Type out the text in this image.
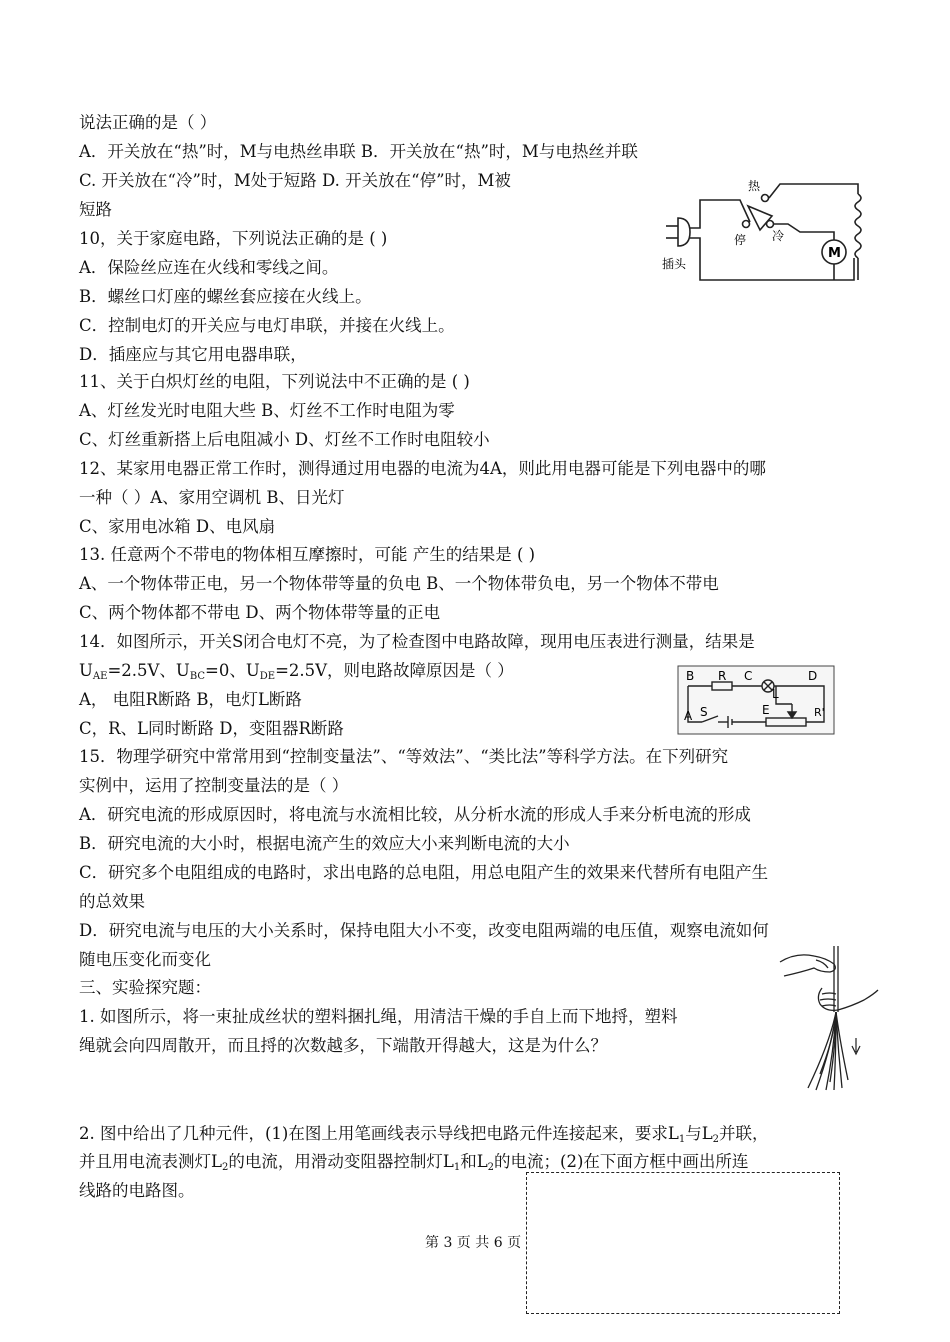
说法正确的是（ ）
A．开关放在“热”时，M与电热丝串联 B．开关放在“热”时，M与电热丝并联
C. 开关放在“冷”时，M处于短路 D. 开关放在“停”时，M被
短路
10，关于家庭电路，下列说法正确的是 ( )
A．保险丝应连在火线和零线之间。
B．螺丝口灯座的螺丝套应接在火线上。
C．控制电灯的开关应与电灯串联，并接在火线上。
D．插座应与其它用电器串联，
11、关于白炽灯丝的电阻，下列说法中不正确的是 ( )
A、灯丝发光时电阻大些 B、灯丝不工作时电阻为零
C、灯丝重新搭上后电阻减小 D、灯丝不工作时电阻较小
12、某家用电器正常工作时，测得通过用电器的电流为4A，则此用电器可能是下列电器中的哪
一种（ ）A、家用空调机 B、日光灯
C、家用电冰箱 D、电风扇
13. 任意两个不带电的物体相互摩擦时，可能 产生的结果是 ( )
A、一个物体带正电，另一个物体带等量的负电 B、一个物体带负电，另一个物体不带电
C、两个物体都不带电 D、两个物体带等量的正电
14．如图所示，开关S闭合电灯不亮，为了检查图中电路故障，现用电压表进行测量，结果是
$U_{AE}=2.5V$、$U_{BC}=0$、$U_{DE}=2.5V$，则电路故障原因是（ ）
A， 电阻R断路 B，电灯L断路
C，R、L同时断路 D，变阻器R断路
15．物理学研究中常常用到“控制变量法”、“等效法”、“类比法”等科学方法。在下列研究
实例中，运用了控制变量法的是（ ）
A．研究电流的形成原因时，将电流与水流相比较，从分析水流的形成人手来分析电流的形成
B．研究电流的大小时，根据电流产生的效应大小来判断电流的大小
C．研究多个电阻组成的电路时，求出电路的总电阻，用总电阻产生的效果来代替所有电阻产生
的总效果
D．研究电流与电压的大小关系时，保持电阻大小不变，改变电阻两端的电压值，观察电流如何
随电压变化而变化
三、实验探究题：
1. 如图所示，将一束扯成丝状的塑料捆扎绳，用清洁干燥的手自上而下地捋，塑料
绳就会向四周散开，而且捋的次数越多，下端散开得越大，这是为什么？
2. 图中给出了几种元件，(1)在图上用笔画线表示导线把电路元件连接起来，要求$L_1$与$L_2$并联，
并且用电流表测灯$L_2$的电流，用滑动变阻器控制灯$L_1$和$L_2$的电流；(2)在下面方框中画出所连
线路的电路图。
热
停 冷
插头
M
B R C
L
D
A S	E	R'
第 3 页 共 6 页
